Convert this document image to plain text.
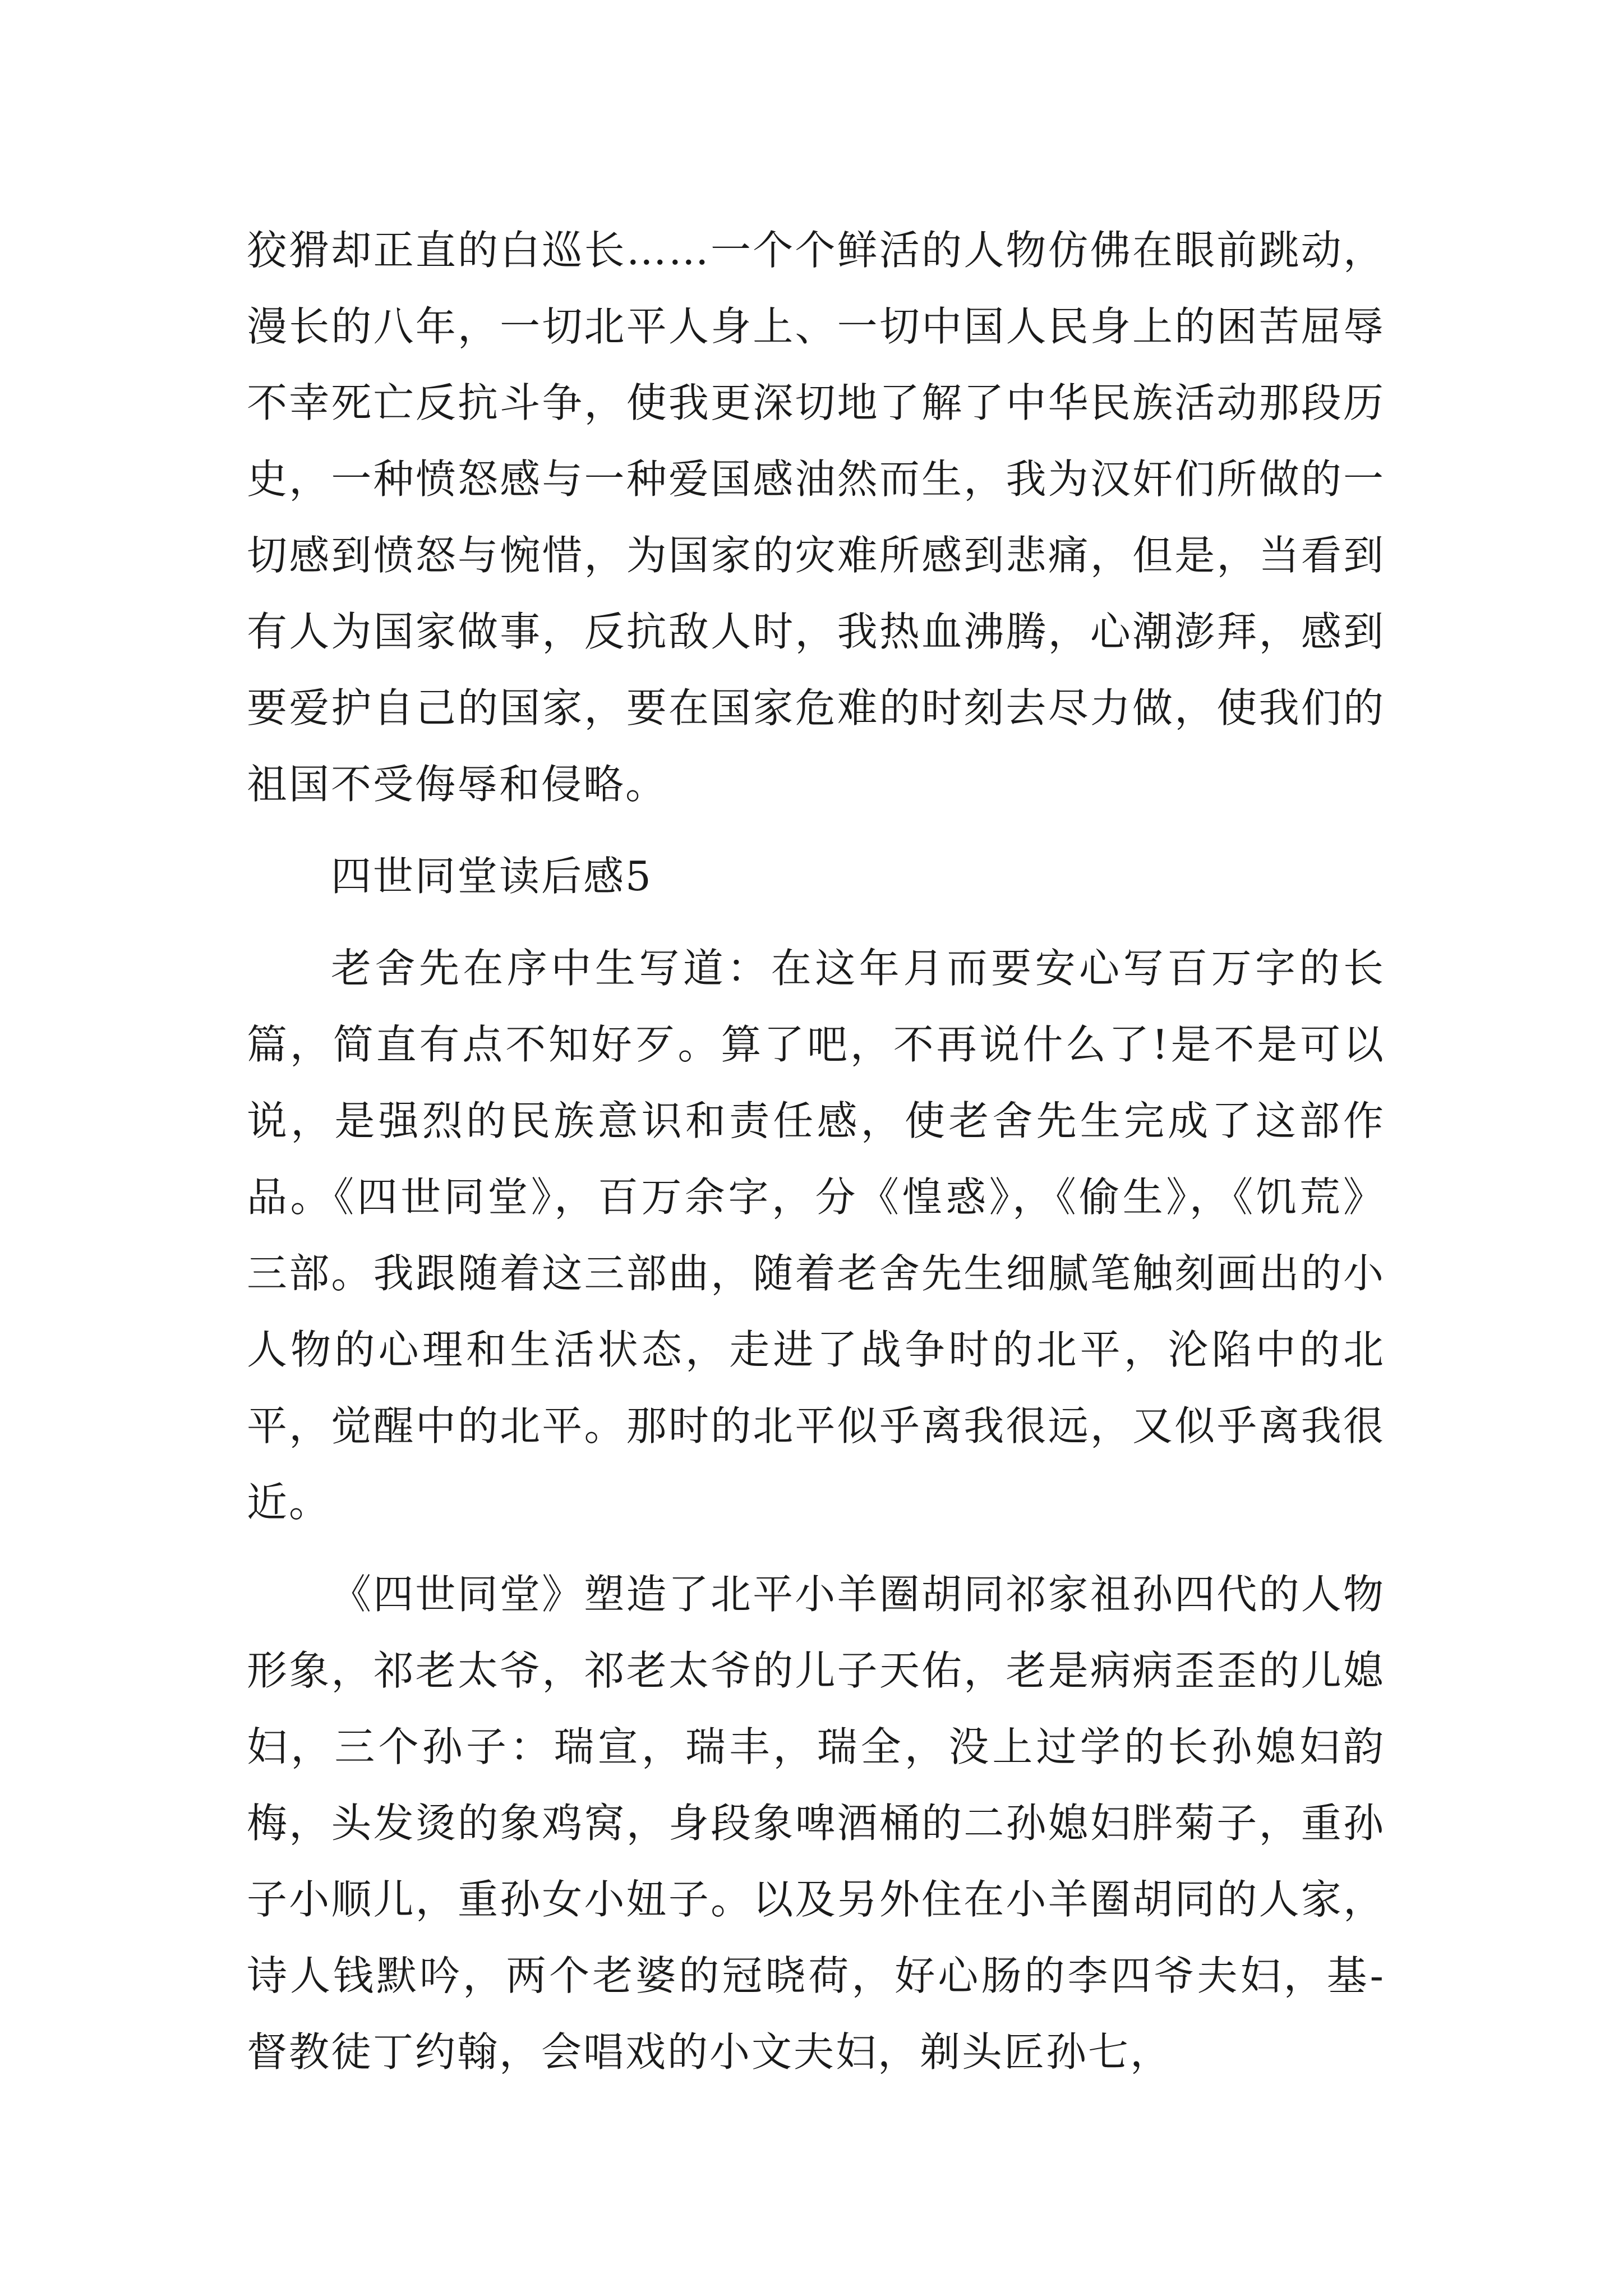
狡猾却正直的白巡长……一个个鲜活的人物仿佛在眼前跳动，漫长的八年，一切北平人身上、一切中国人民身上的困苦屈辱不幸死亡反抗斗争，使我更深切地了解了中华民族活动那段历史，一种愤怒感与一种爱国感油然而生，我为汉奸们所做的一切感到愤怒与惋惜，为国家的灾难所感到悲痛，但是，当看到有人为国家做事，反抗敌人时，我热血沸腾，心潮澎拜，感到要爱护自己的国家，要在国家危难的时刻去尽力做，使我们的祖国不受侮辱和侵略。

四世同堂读后感5

老舍先在序中生写道：在这年月而要安心写百万字的长篇，简直有点不知好歹。算了吧，不再说什么了!是不是可以说，是强烈的民族意识和责任感，使老舍先生完成了这部作品。《四世同堂》，百万余字，分《惶惑》，《偷生》，《饥荒》三部。我跟随着这三部曲，随着老舍先生细腻笔触刻画出的小人物的心理和生活状态，走进了战争时的北平，沦陷中的北平，觉醒中的北平。那时的北平似乎离我很远，又似乎离我很近。

《四世同堂》塑造了北平小羊圈胡同祁家祖孙四代的人物形象，祁老太爷，祁老太爷的儿子天佑，老是病病歪歪的儿媳妇，三个孙子：瑞宣，瑞丰，瑞全，没上过学的长孙媳妇韵梅，头发烫的象鸡窝，身段象啤酒桶的二孙媳妇胖菊子，重孙子小顺儿，重孙女小妞子。以及另外住在小羊圈胡同的人家，诗人钱默吟，两个老婆的冠晓荷，好心肠的李四爷夫妇，基-督教徒丁约翰，会唱戏的小文夫妇，剃头匠孙七，
